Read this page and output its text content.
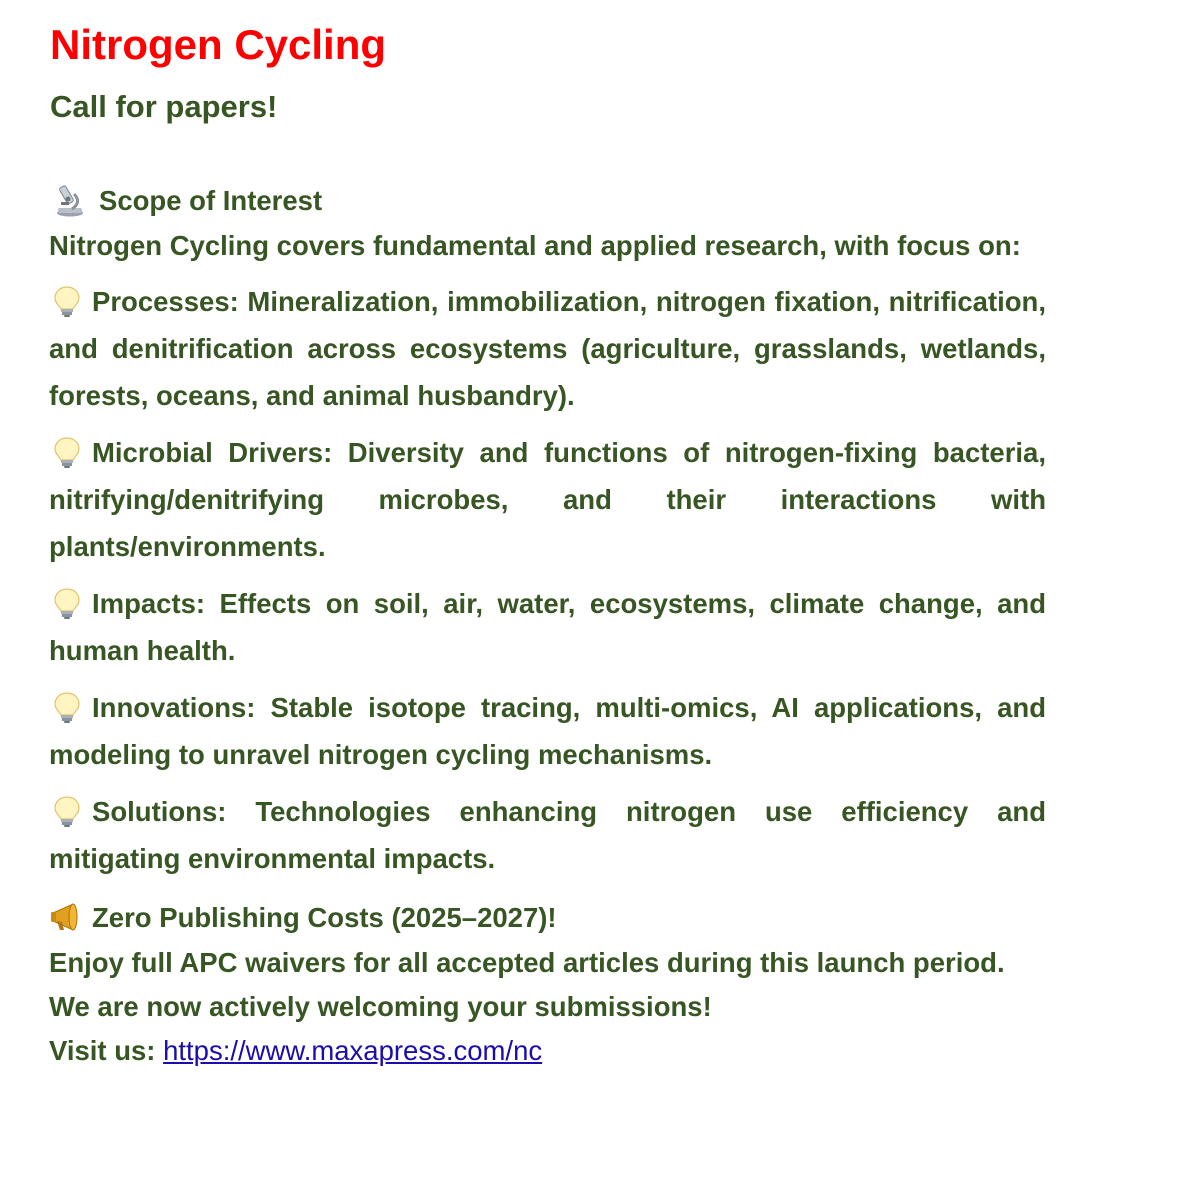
Nitrogen Cycling
Call for papers!
Scope of Interest

Nitrogen Cycling covers fundamental and applied research, with focus on:

Processes: Mineralization, immobilization, nitrogen fixation, nitrification, and denitrification across ecosystems (agriculture, grasslands, wetlands, forests, oceans, and animal husbandry).

Microbial Drivers: Diversity and functions of nitrogen-fixing bacteria, nitrifying/denitrifying microbes, and their interactions with plants/environments.

Impacts: Effects on soil, air, water, ecosystems, climate change, and human health.

Innovations: Stable isotope tracing, multi-omics, AI applications, and modeling to unravel nitrogen cycling mechanisms.

Solutions: Technologies enhancing nitrogen use efficiency and mitigating environmental impacts.

Zero Publishing Costs (2025–2027)!

Enjoy full APC waivers for all accepted articles during this launch period.

We are now actively welcoming your submissions!

Visit us: https://www.maxapress.com/nc
